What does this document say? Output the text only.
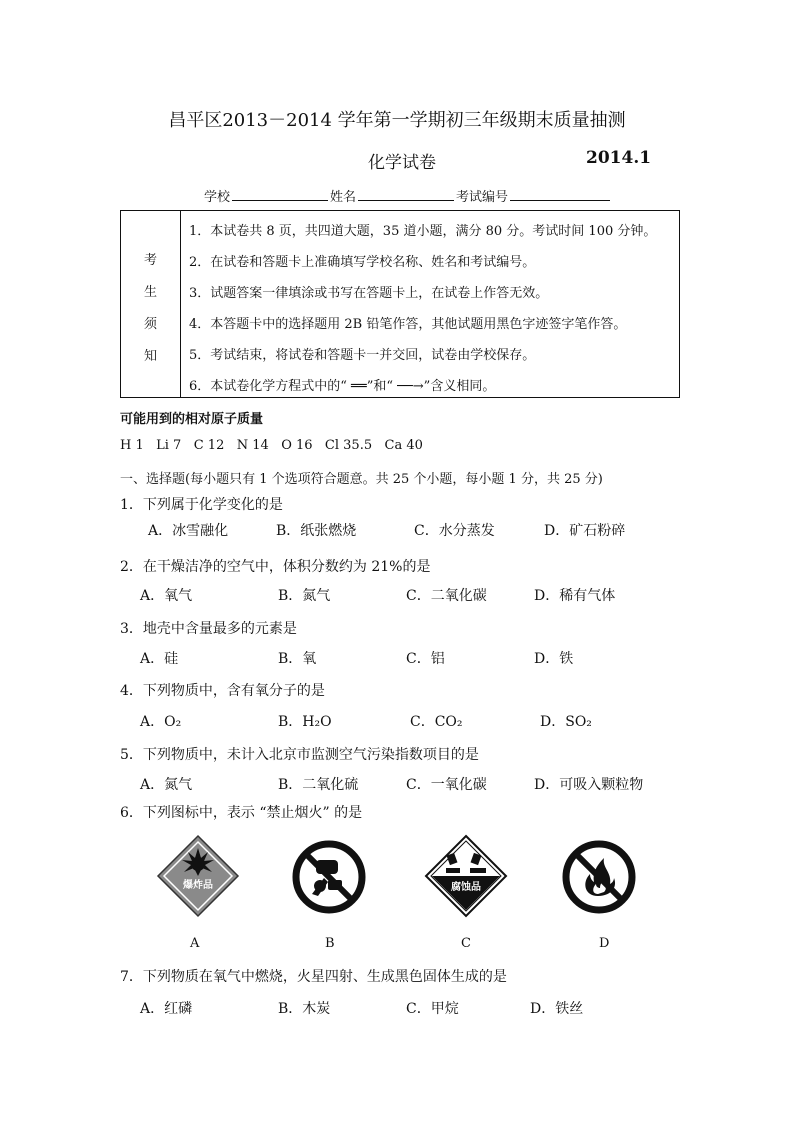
昌平区2013－2014 学年第一学期初三年级期末质量抽测
化学试卷	2014.1
学校	姓名	考试编号
考
生
须
知
1．本试卷共 8 页，共四道大题，35 道小题，满分 80 分。考试时间 100 分钟。
2．在试卷和答题卡上准确填写学校名称、姓名和考试编号。
3．试题答案一律填涂或书写在答题卡上，在试卷上作答无效。
4．本答题卡中的选择题用 2B 铅笔作答，其他试题用黑色字迹签字笔作答。
5．考试结束，将试卷和答题卡一并交回，试卷由学校保存。
6．本试卷化学方程式中的“ ══”和“ ──→”含义相同。
可能用到的相对原子质量
H 1   Li 7   C 12   N 14   O 16   Cl 35.5   Ca 40
一、选择题(每小题只有 1 个选项符合题意。共 25 个小题，每小题 1 分，共 25 分)
1．下列属于化学变化的是
A．冰雪融化	B．纸张燃烧	C．水分蒸发	D．矿石粉碎
2．在干燥洁净的空气中，体积分数约为 21%的是
A．氧气	B．氮气	C．二氧化碳	D．稀有气体
3．地壳中含量最多的元素是
A．硅	B．氧	C．铝	D．铁
4．下列物质中，含有氧分子的是
A．O₂	B．H₂O	C．CO₂	D．SO₂
5．下列物质中，未计入北京市监测空气污染指数项目的是
A．氮气	B．二氧化硫	C．一氧化碳	D．可吸入颗粒物
6．下列图标中，表示 “禁止烟火” 的是
爆炸品	腐蚀品
A	B	C	D
7．下列物质在氧气中燃烧，火星四射、生成黑色固体生成的是
A．红磷	B．木炭	C．甲烷	D．铁丝
